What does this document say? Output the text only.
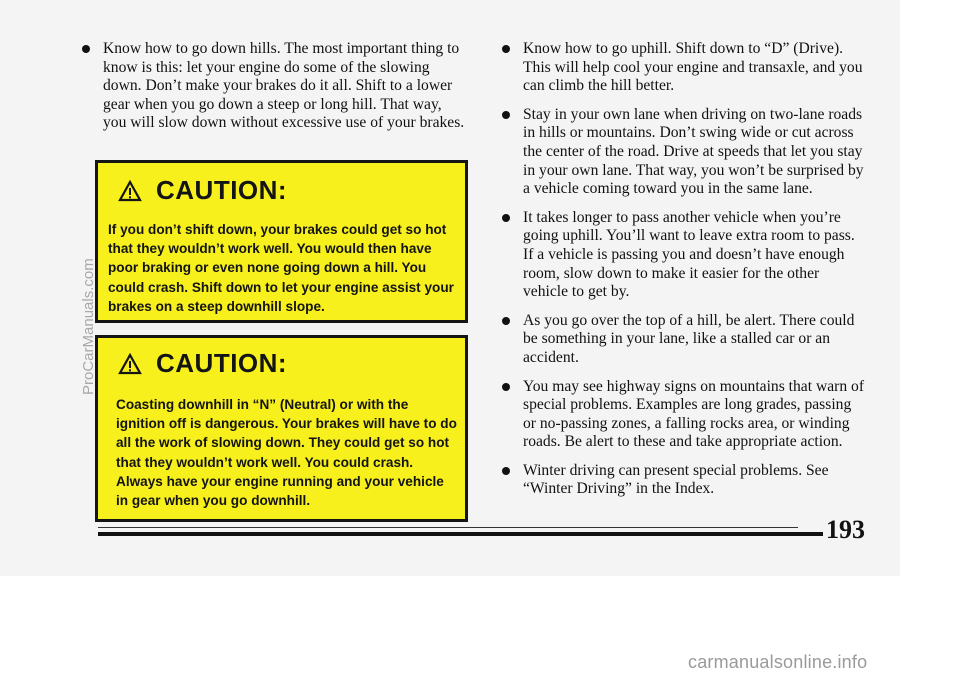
Know how to go down hills. The most important thing to know is this: let your engine do some of the slowing down. Don’t make your brakes do it all. Shift to a lower gear when you go down a steep or long hill. That way, you will slow down without excessive use of your brakes.
CAUTION:
If you don’t shift down, your brakes could get so hot that they wouldn’t work well. You would then have poor braking or even none going down a hill. You could crash. Shift down to let your engine assist your brakes on a steep downhill slope.
CAUTION:
Coasting downhill in “N” (Neutral) or with the ignition off is dangerous. Your brakes will have to do all the work of slowing down. They could get so hot that they wouldn’t work well. You could crash. Always have your engine running and your vehicle in gear when you go downhill.
Know how to go uphill. Shift down to “D” (Drive). This will help cool your engine and transaxle, and you can climb the hill better.
Stay in your own lane when driving on two-lane roads in hills or mountains. Don’t swing wide or cut across the center of the road. Drive at speeds that let you stay in your own lane. That way, you won’t be surprised by a vehicle coming toward you in the same lane.
It takes longer to pass another vehicle when you’re going uphill. You’ll want to leave extra room to pass. If a vehicle is passing you and doesn’t have enough room, slow down to make it easier for the other vehicle to get by.
As you go over the top of a hill, be alert. There could be something in your lane, like a stalled car or an accident.
You may see highway signs on mountains that warn of special problems. Examples are long grades, passing or no-passing zones, a falling rocks area, or winding roads. Be alert to these and take appropriate action.
Winter driving can present special problems. See “Winter Driving” in the Index.
193
ProCarManuals.com
carmanualsonline.info
